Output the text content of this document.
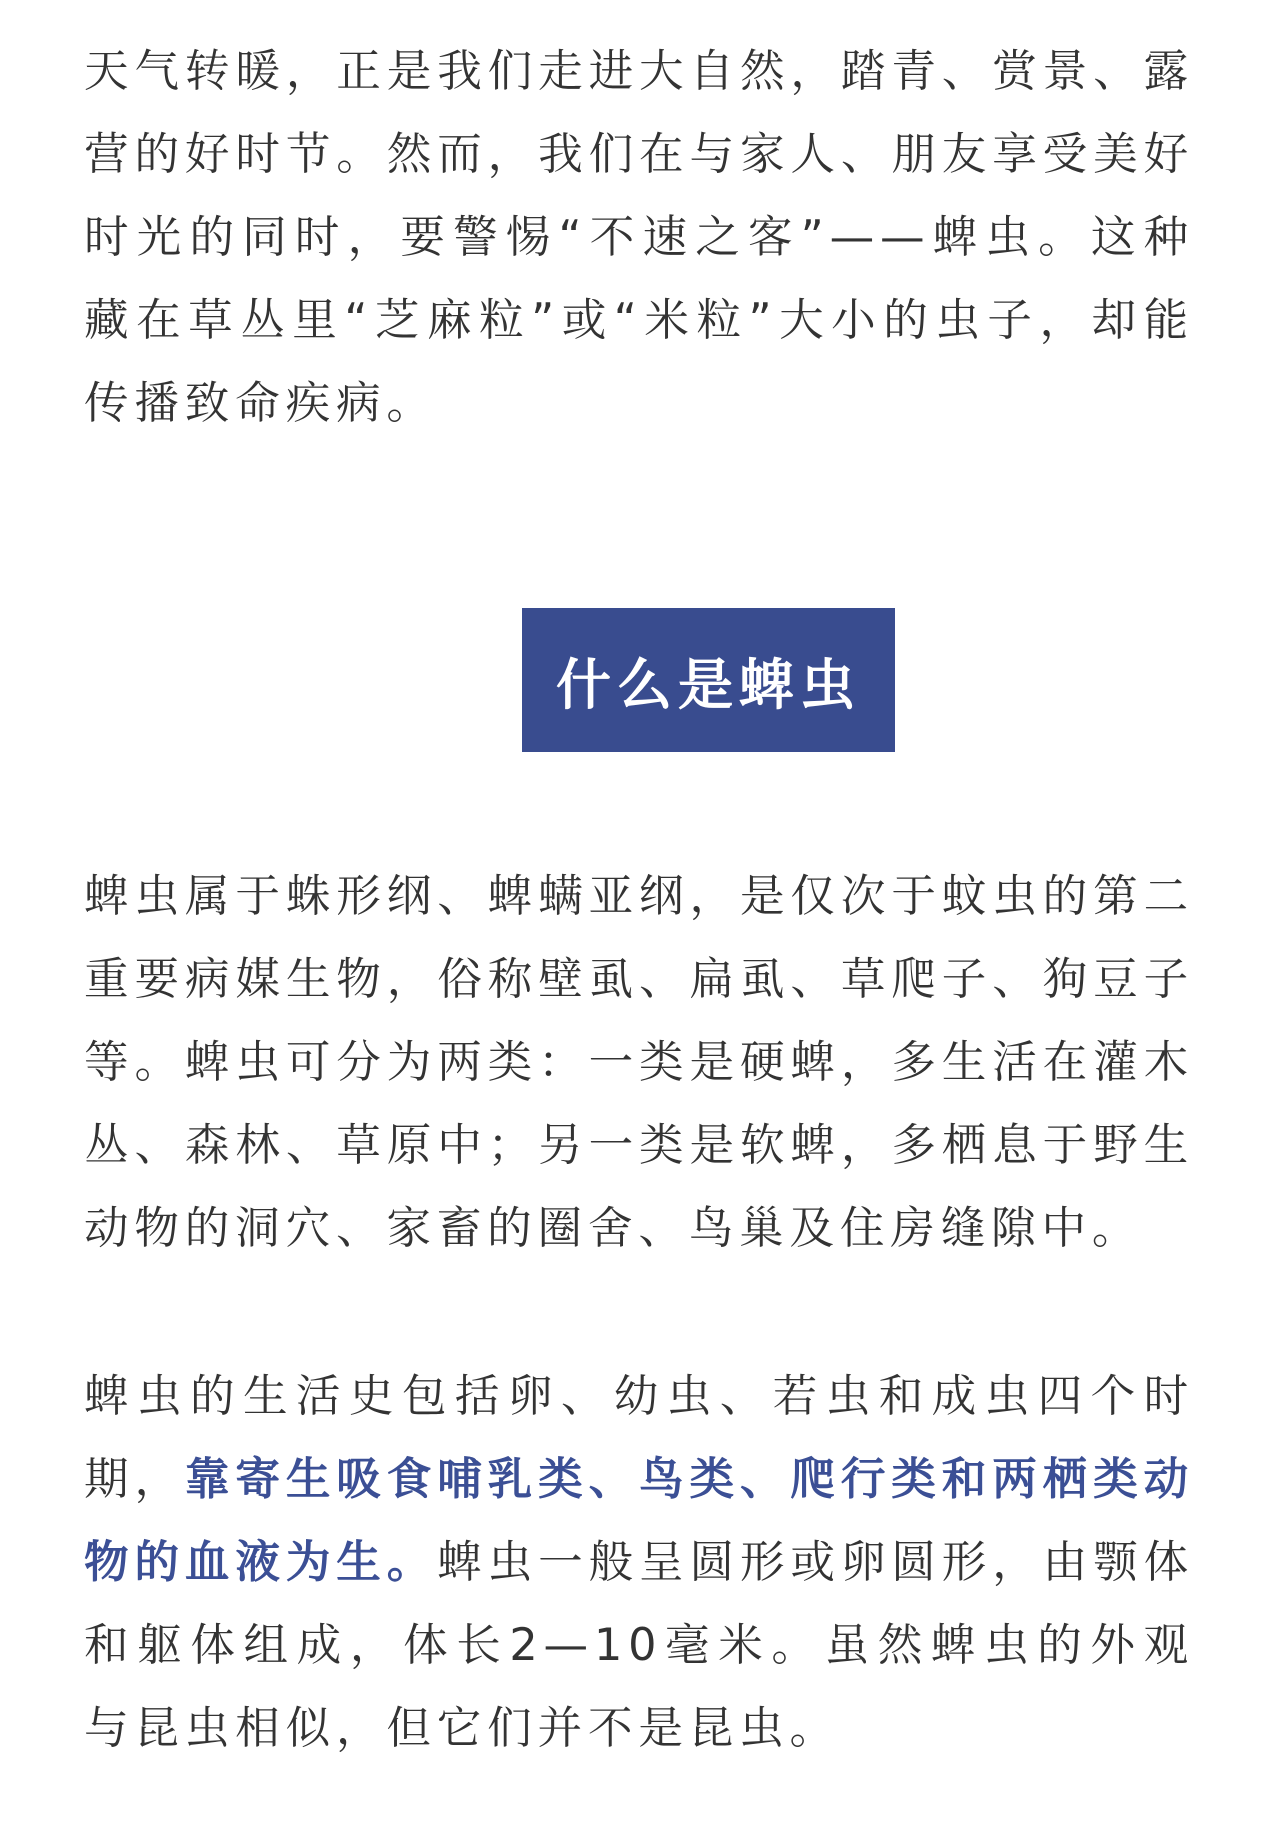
天气转暖，正是我们走进大自然，踏青、赏景、露营的好时节。然而，我们在与家人、朋友享受美好时光的同时，要警惕“不速之客”——蜱虫。这种藏在草丛里“芝麻粒”或“米粒”大小的虫子，却能传播致命疾病。

什么是蜱虫

蜱虫属于蛛形纲、蜱螨亚纲，是仅次于蚊虫的第二重要病媒生物，俗称壁虱、扁虱、草爬子、狗豆子等。蜱虫可分为两类：一类是硬蜱，多生活在灌木丛、森林、草原中；另一类是软蜱，多栖息于野生动物的洞穴、家畜的圈舍、鸟巢及住房缝隙中。

蜱虫的生活史包括卵、幼虫、若虫和成虫四个时期，靠寄生吸食哺乳类、鸟类、爬行类和两栖类动物的血液为生。蜱虫一般呈圆形或卵圆形，由颚体和躯体组成，体长2—10毫米。虽然蜱虫的外观与昆虫相似，但它们并不是昆虫。
